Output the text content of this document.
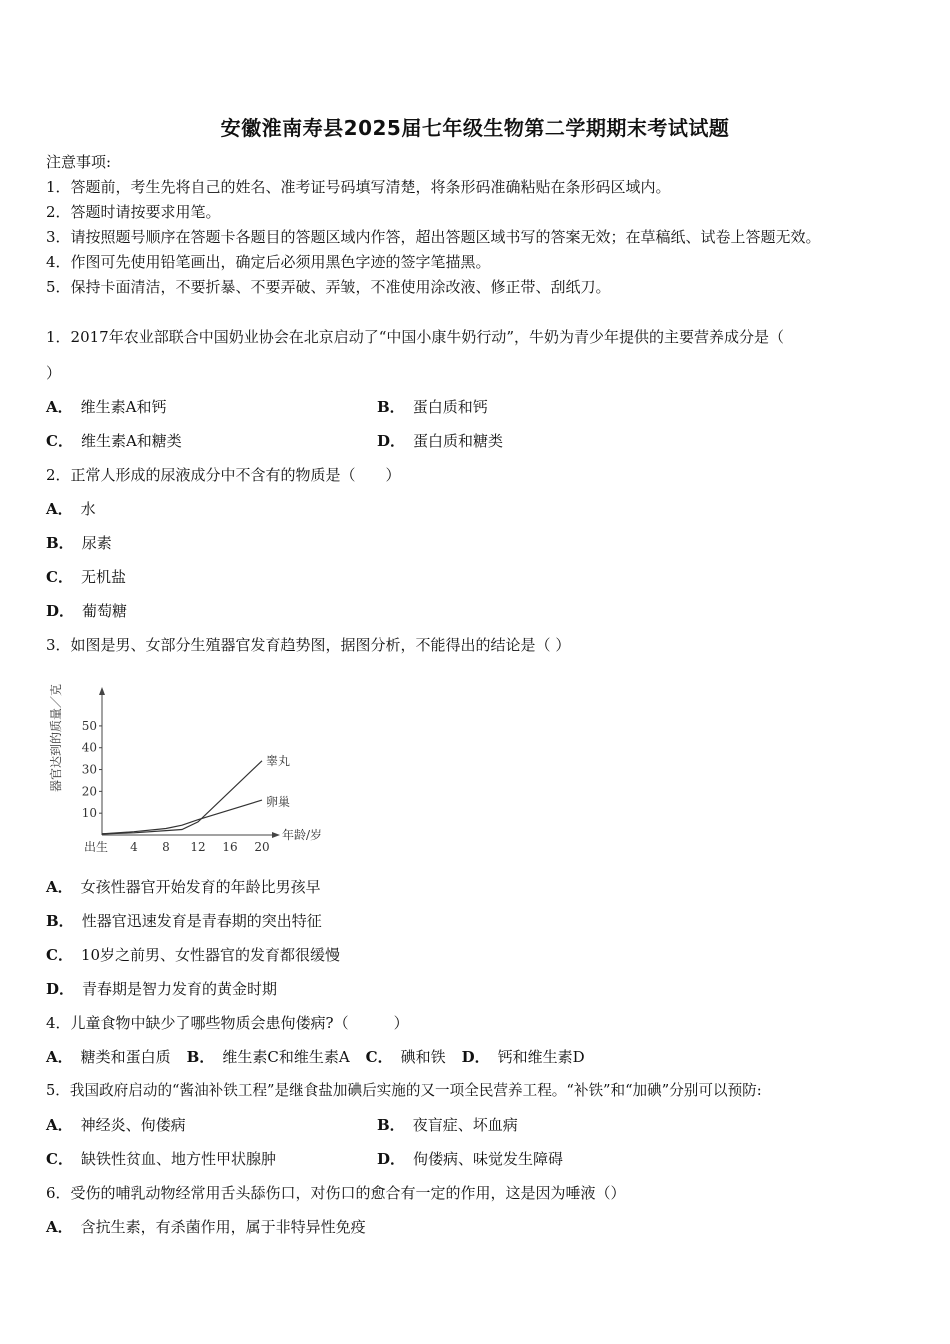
安徽淮南寿县2025届七年级生物第二学期期末考试试题
注意事项:
1．答题前，考生先将自己的姓名、准考证号码填写清楚，将条形码准确粘贴在条形码区域内。
2．答题时请按要求用笔。
3．请按照题号顺序在答题卡各题目的答题区域内作答，超出答题区域书写的答案无效；在草稿纸、试卷上答题无效。
4．作图可先使用铅笔画出，确定后必须用黑色字迹的签字笔描黑。
5．保持卡面清洁，不要折暴、不要弄破、弄皱，不准使用涂改液、修正带、刮纸刀。
1．2017年农业部联合中国奶业协会在北京启动了“中国小康牛奶行动”，牛奶为青少年提供的主要营养成分是（
）
A． 维生素A和钙	B． 蛋白质和钙
C． 维生素A和糖类	D． 蛋白质和糖类
2．正常人形成的尿液成分中不含有的物质是（　　）
A． 水
B． 尿素
C． 无机盐
D． 葡萄糖
3．如图是男、女部分生殖器官发育趋势图，据图分析，不能得出的结论是（ ）
10
20
30
40
50
出生 4 8 12 16 20
年龄/岁
器官达到的质量／克	睾丸
卵巢
A． 女孩性器官开始发育的年龄比男孩早
B． 性器官迅速发育是青春期的突出特征
C． 10岁之前男、女性器官的发育都很缓慢
D． 青春期是智力发育的黄金时期
4．儿童食物中缺少了哪些物质会患佝偻病?（　　　）
A． 糖类和蛋白质 B． 维生素C和维生素A C． 碘和铁 D． 钙和维生素D
5．我国政府启动的“酱油补铁工程”是继食盐加碘后实施的又一项全民营养工程。“补铁”和“加碘”分别可以预防:
A． 神经炎、佝偻病	B． 夜盲症、坏血病
C． 缺铁性贫血、地方性甲状腺肿	D． 佝偻病、味觉发生障碍
6．受伤的哺乳动物经常用舌头舔伤口，对伤口的愈合有一定的作用，这是因为唾液（）
A． 含抗生素，有杀菌作用，属于非特异性免疫
